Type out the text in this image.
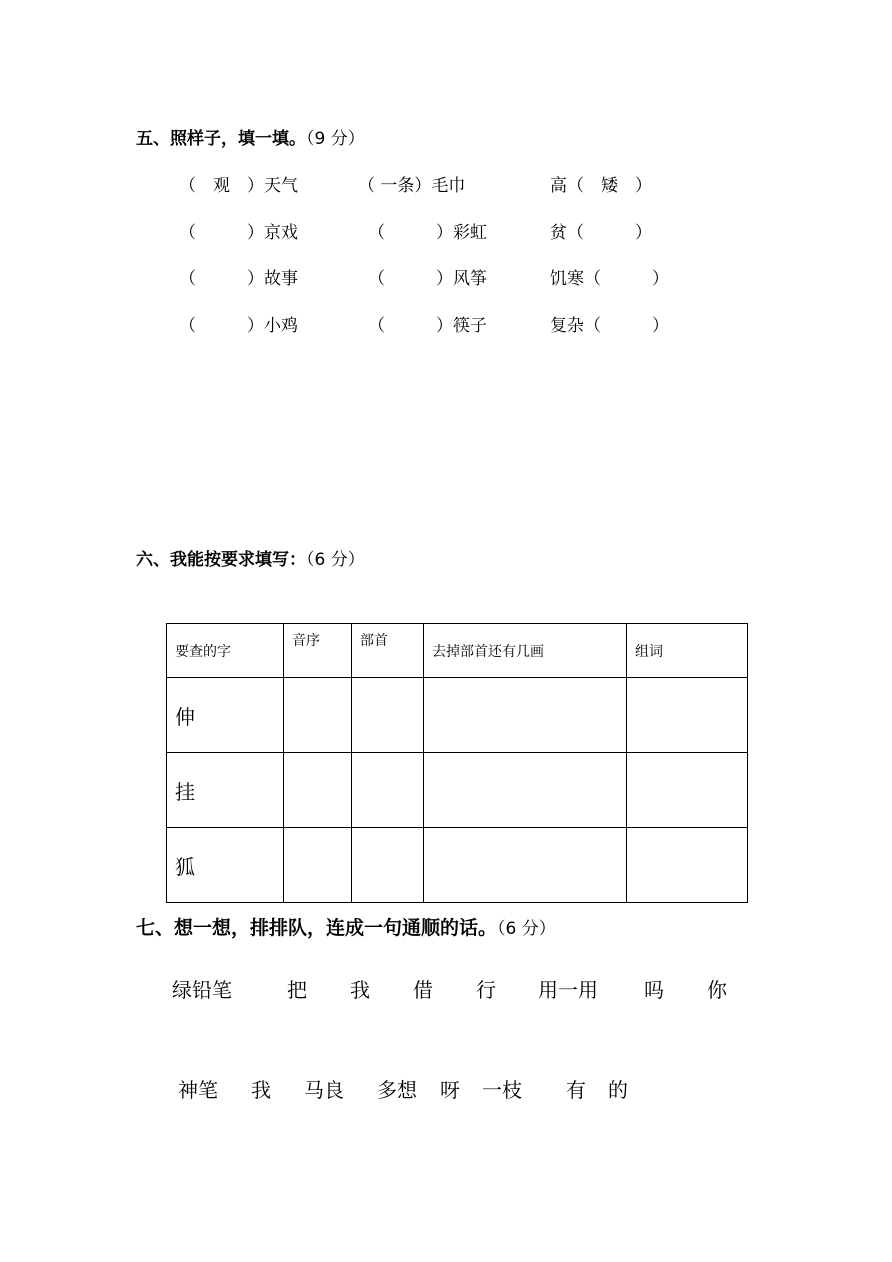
五、照样子，填一填。（9 分）
（　观　）天气	（ 一条）毛巾	高（　矮　）
（　　　）京戏	（　　　）彩虹	贫（　　　）
（　　　）故事	（　　　）风筝	饥寒（　　　）
（　　　）小鸡	（　　　）筷子	复杂（　　　）
六、我能按要求填写：（6 分）
要查的字	音序	部首	去掉部首还有几画	组词
伸				
挂				
狐				
七、想一想，排排队，连成一句通顺的话。（6 分）
绿铅笔	把 我 借 行 用一用 吗 你
神笔 我 马良 多想 呀 一枝 有 的
